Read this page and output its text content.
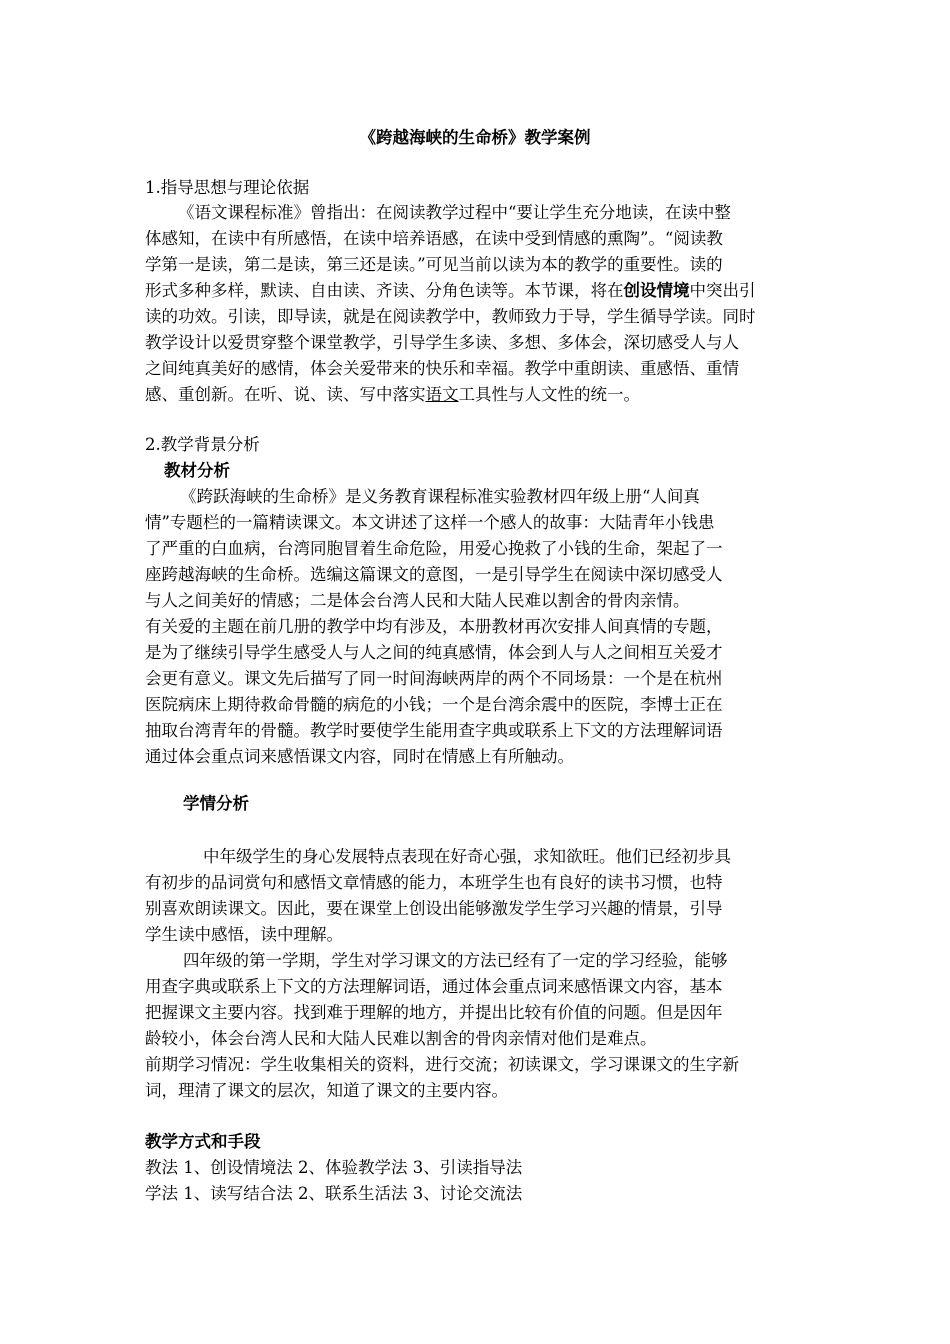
《跨越海峡的生命桥》教学案例
1.指导思想与理论依据
《语文课程标准》曾指出：在阅读教学过程中“要让学生充分地读，在读中整
体感知，在读中有所感悟，在读中培养语感，在读中受到情感的熏陶”。“阅读教
学第一是读，第二是读，第三还是读。”可见当前以读为本的教学的重要性。读的
形式多种多样，默读、自由读、齐读、分角色读等。本节课，将在创设情境中突出引
读的功效。引读，即导读，就是在阅读教学中，教师致力于导，学生循导学读。同时
教学设计以爱贯穿整个课堂教学，引导学生多读、多想、多体会，深切感受人与人
之间纯真美好的感情，体会关爱带来的快乐和幸福。教学中重朗读、重感悟、重情
感、重创新。在听、说、读、写中落实语文工具性与人文性的统一。
2.教学背景分析
教材分析
《跨跃海峡的生命桥》是义务教育课程标准实验教材四年级上册“人间真
情”专题栏的一篇精读课文。本文讲述了这样一个感人的故事：大陆青年小钱患
了严重的白血病，台湾同胞冒着生命危险，用爱心挽救了小钱的生命，架起了一
座跨越海峡的生命桥。选编这篇课文的意图，一是引导学生在阅读中深切感受人
与人之间美好的情感；二是体会台湾人民和大陆人民难以割舍的骨肉亲情。
有关爱的主题在前几册的教学中均有涉及，本册教材再次安排人间真情的专题，
是为了继续引导学生感受人与人之间的纯真感情，体会到人与人之间相互关爱才
会更有意义。课文先后描写了同一时间海峡两岸的两个不同场景：一个是在杭州
医院病床上期待救命骨髓的病危的小钱；一个是台湾余震中的医院，李博士正在
抽取台湾青年的骨髓。教学时要使学生能用查字典或联系上下文的方法理解词语
通过体会重点词来感悟课文内容，同时在情感上有所触动。
学情分析
中年级学生的身心发展特点表现在好奇心强，求知欲旺。他们已经初步具
有初步的品词赏句和感悟文章情感的能力，本班学生也有良好的读书习惯，也特
别喜欢朗读课文。因此，要在课堂上创设出能够激发学生学习兴趣的情景，引导
学生读中感悟，读中理解。
四年级的第一学期，学生对学习课文的方法已经有了一定的学习经验，能够
用查字典或联系上下文的方法理解词语，通过体会重点词来感悟课文内容，基本
把握课文主要内容。找到难于理解的地方，并提出比较有价值的问题。但是因年
龄较小，体会台湾人民和大陆人民难以割舍的骨肉亲情对他们是难点。
前期学习情况：学生收集相关的资料，进行交流；初读课文，学习课课文的生字新
词，理清了课文的层次，知道了课文的主要内容。
教学方式和手段
教法 1、创设情境法 2、体验教学法 3、引读指导法
学法 1、读写结合法 2、联系生活法 3、讨论交流法
